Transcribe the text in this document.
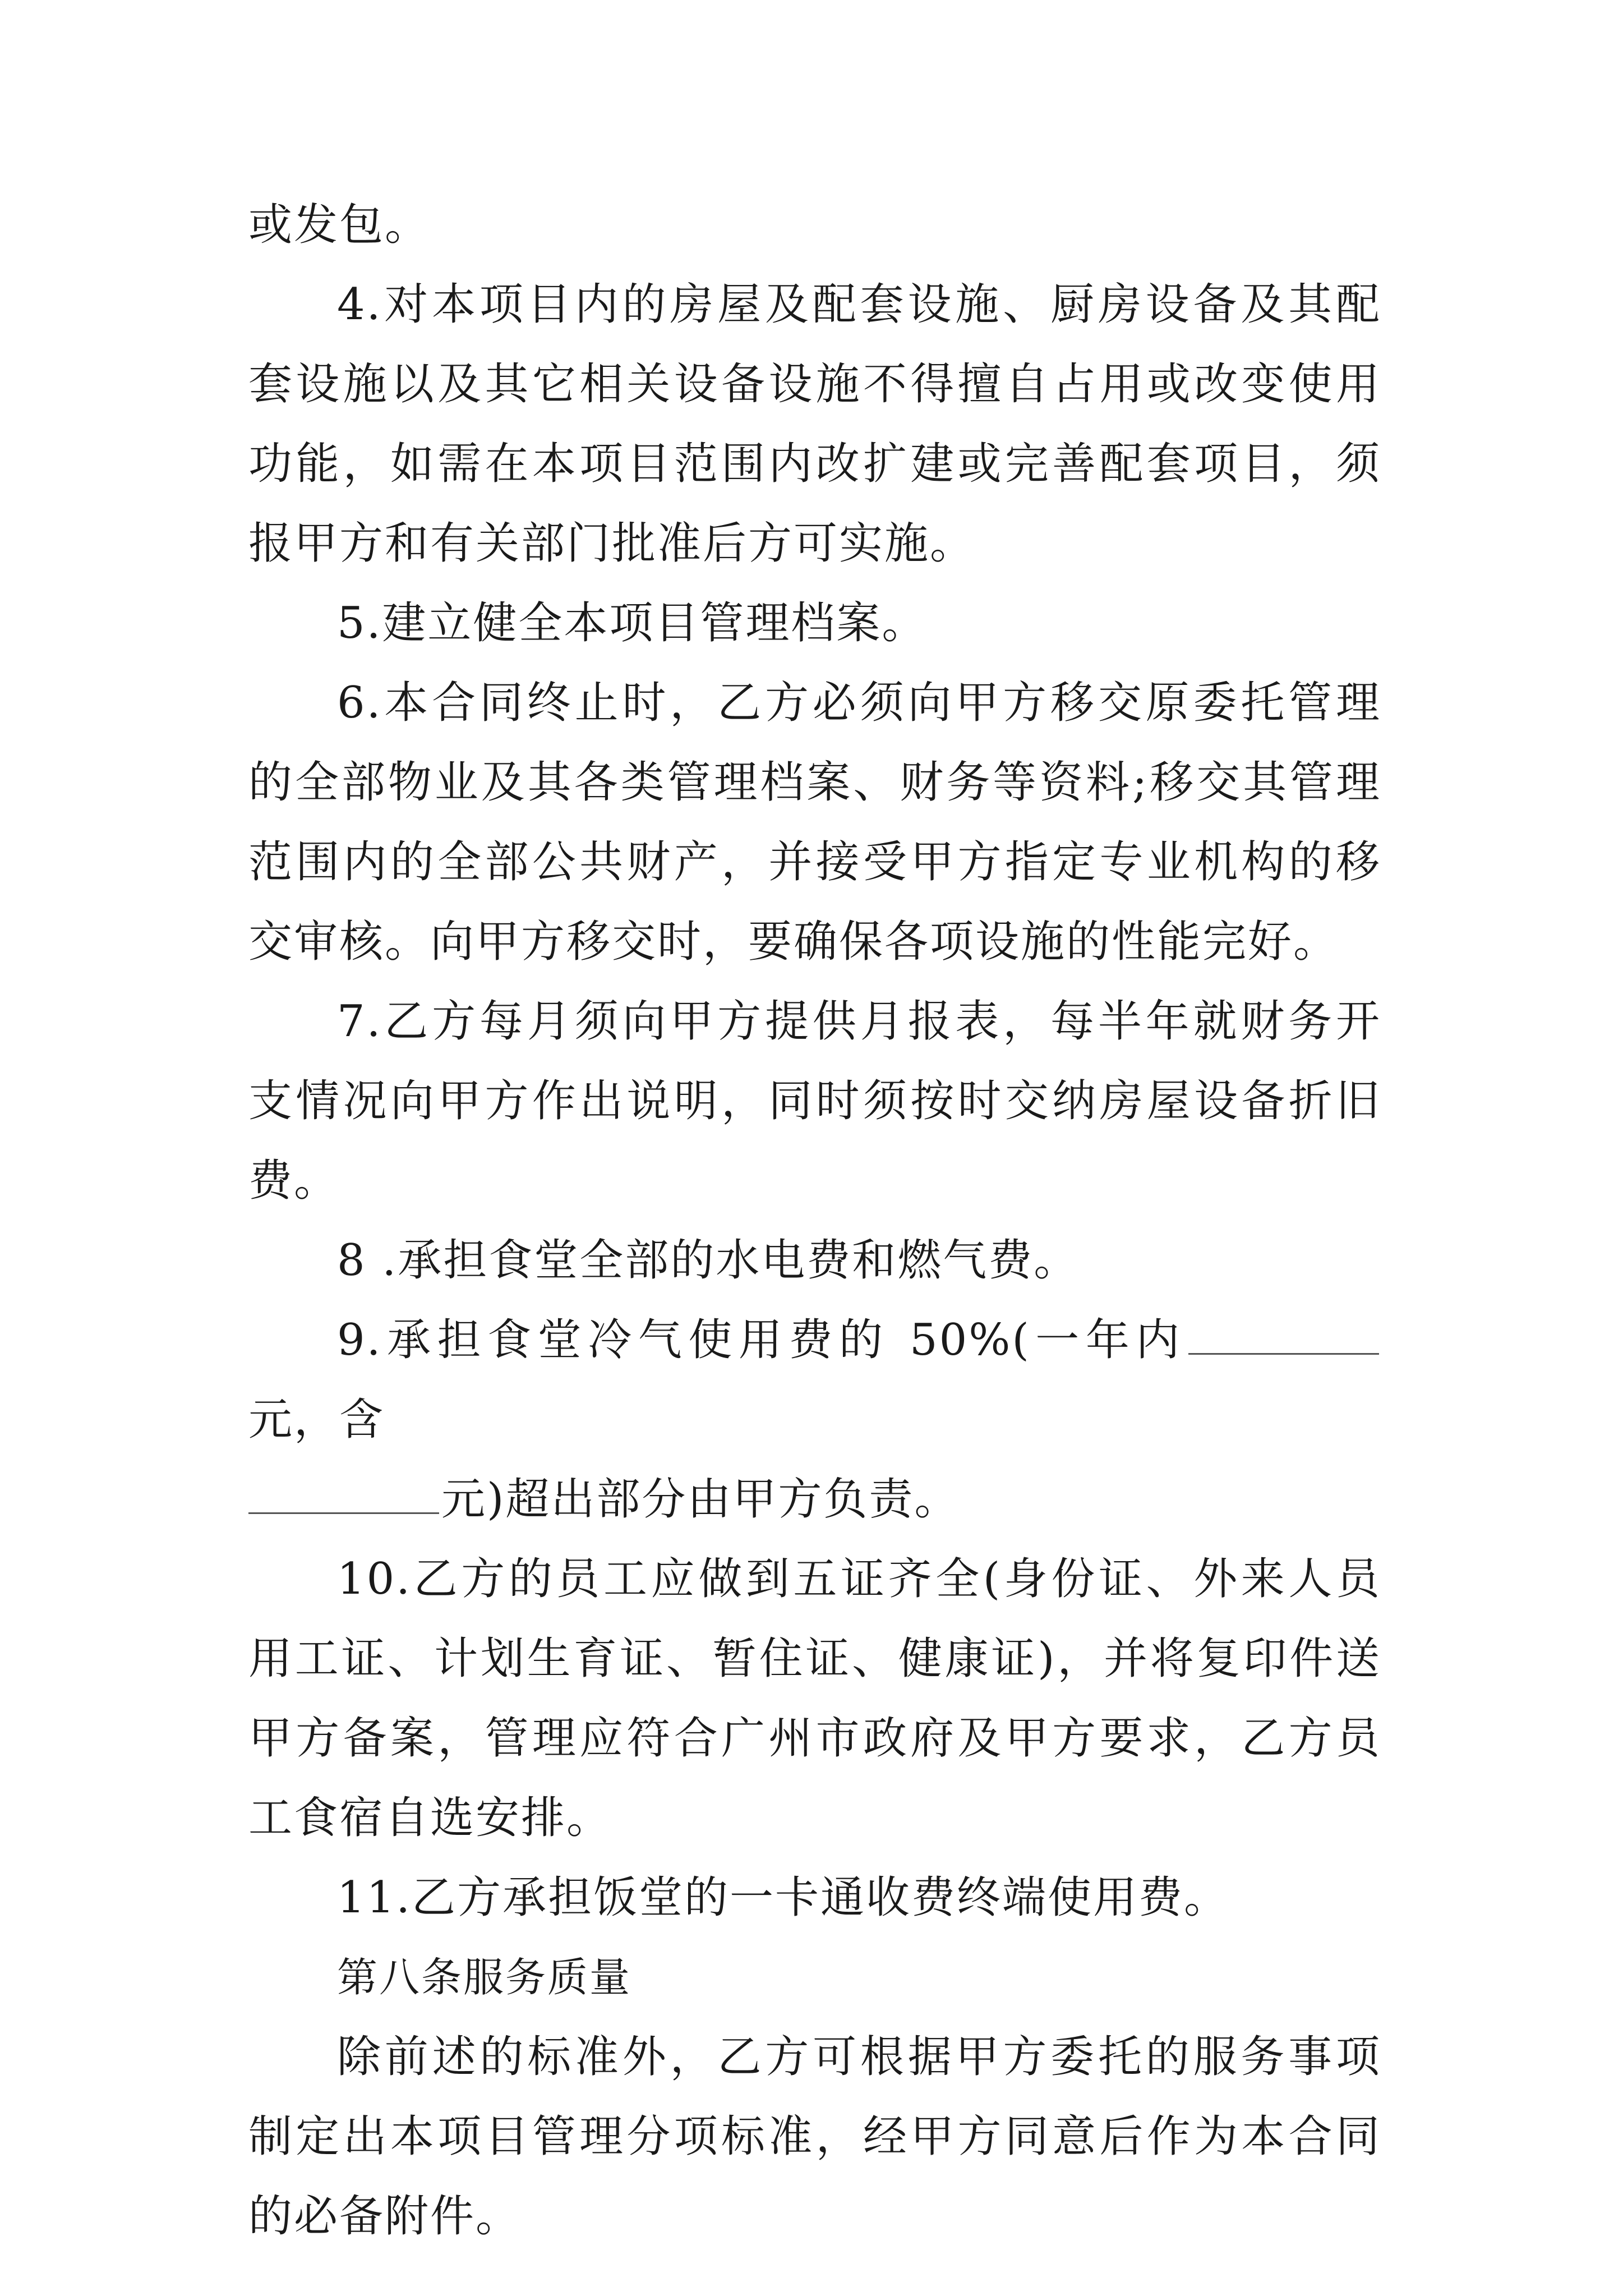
或发包。

4.对本项目内的房屋及配套设施、厨房设备及其配套设施以及其它相关设备设施不得擅自占用或改变使用功能，如需在本项目范围内改扩建或完善配套项目，须报甲方和有关部门批准后方可实施。

5.建立健全本项目管理档案。

6.本合同终止时，乙方必须向甲方移交原委托管理的全部物业及其各类管理档案、财务等资料;移交其管理范围内的全部公共财产，并接受甲方指定专业机构的移交审核。向甲方移交时，要确保各项设施的性能完好。

7.乙方每月须向甲方提供月报表，每半年就财务开支情况向甲方作出说明，同时须按时交纳房屋设备折旧费。

8 .承担食堂全部的水电费和燃气费。

9.承担食堂冷气使用费的 50%(一年内元，含
元)超出部分由甲方负责。

10.乙方的员工应做到五证齐全(身份证、外来人员用工证、计划生育证、暂住证、健康证)，并将复印件送甲方备案，管理应符合广州市政府及甲方要求，乙方员工食宿自选安排。

11.乙方承担饭堂的一卡通收费终端使用费。

第八条服务质量

除前述的标准外，乙方可根据甲方委托的服务事项制定出本项目管理分项标准，经甲方同意后作为本合同的必备附件。
